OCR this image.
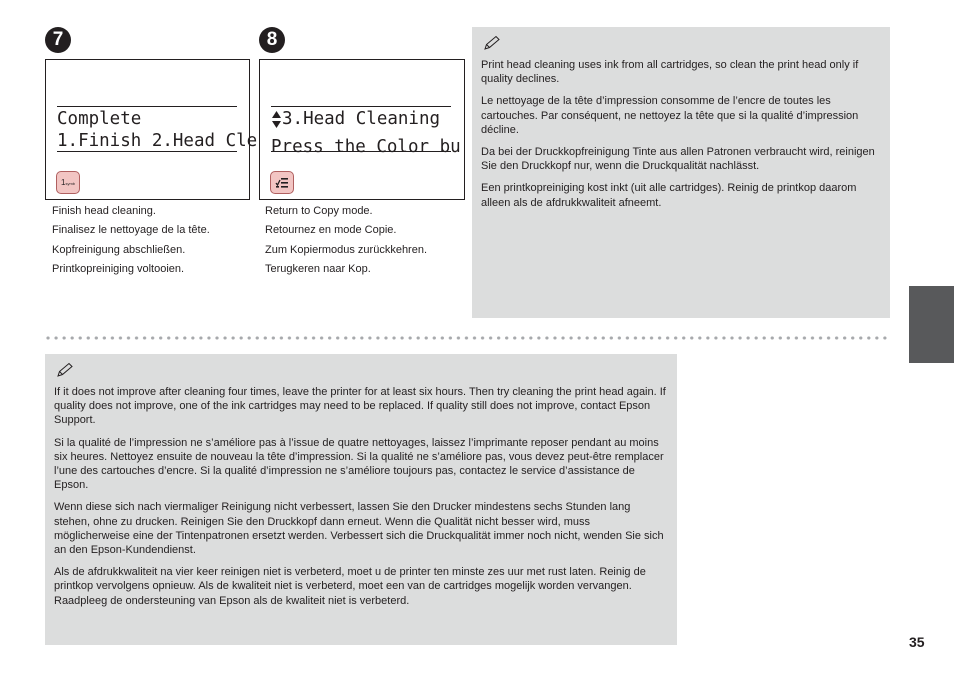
7
Complete
1.Finish 2.Head Cle
1symb
Finish head cleaning.
Finalisez le nettoyage de la tête.
Kopfreinigung abschließen.
Printkopreiniging voltooien.
8
3.Head Cleaning
Press the Color bu
Return to Copy mode.
Retournez en mode Copie.
Zum Kopiermodus zurückkehren.
Terugkeren naar Kop.

Print head cleaning uses ink from all cartridges, so clean the print head only if quality declines.

Le nettoyage de la tête d’impression consomme de l’encre de toutes les cartouches. Par conséquent, ne nettoyez la tête que si la qualité d’impression décline.

Da bei der Druckkopfreinigung Tinte aus allen Patronen verbraucht wird, reinigen Sie den Druckkopf nur, wenn die Druckqualität nachlässt.

Een printkopreiniging kost inkt (uit alle cartridges). Reinig de printkop daarom alleen als de afdrukkwaliteit afneemt.

If it does not improve after cleaning four times, leave the printer for at least six hours. Then try cleaning the print head again. If quality does not improve, one of the ink cartridges may need to be replaced. If quality still does not improve, contact Epson Support.

Si la qualité de l’impression ne s’améliore pas à l’issue de quatre nettoyages, laissez l’imprimante reposer pendant au moins six heures. Nettoyez ensuite de nouveau la tête d’impression. Si la qualité ne s’améliore pas, vous devez peut-être remplacer l’une des cartouches d’encre. Si la qualité d’impression ne s’améliore toujours pas, contactez le service d’assistance de Epson.

Wenn diese sich nach viermaliger Reinigung nicht verbessert, lassen Sie den Drucker mindestens sechs Stunden lang stehen, ohne zu drucken. Reinigen Sie den Druckkopf dann erneut. Wenn die Qualität nicht besser wird, muss möglicherweise eine der Tintenpatronen ersetzt werden. Verbessert sich die Druckqualität immer noch nicht, wenden Sie sich an den Epson-Kundendienst.

Als de afdrukkwaliteit na vier keer reinigen niet is verbeterd, moet u de printer ten minste zes uur met rust laten. Reinig de printkop vervolgens opnieuw. Als de kwaliteit niet is verbeterd, moet een van de cartridges mogelijk worden vervangen. Raadpleeg de ondersteuning van Epson als de kwaliteit niet is verbeterd.

35
